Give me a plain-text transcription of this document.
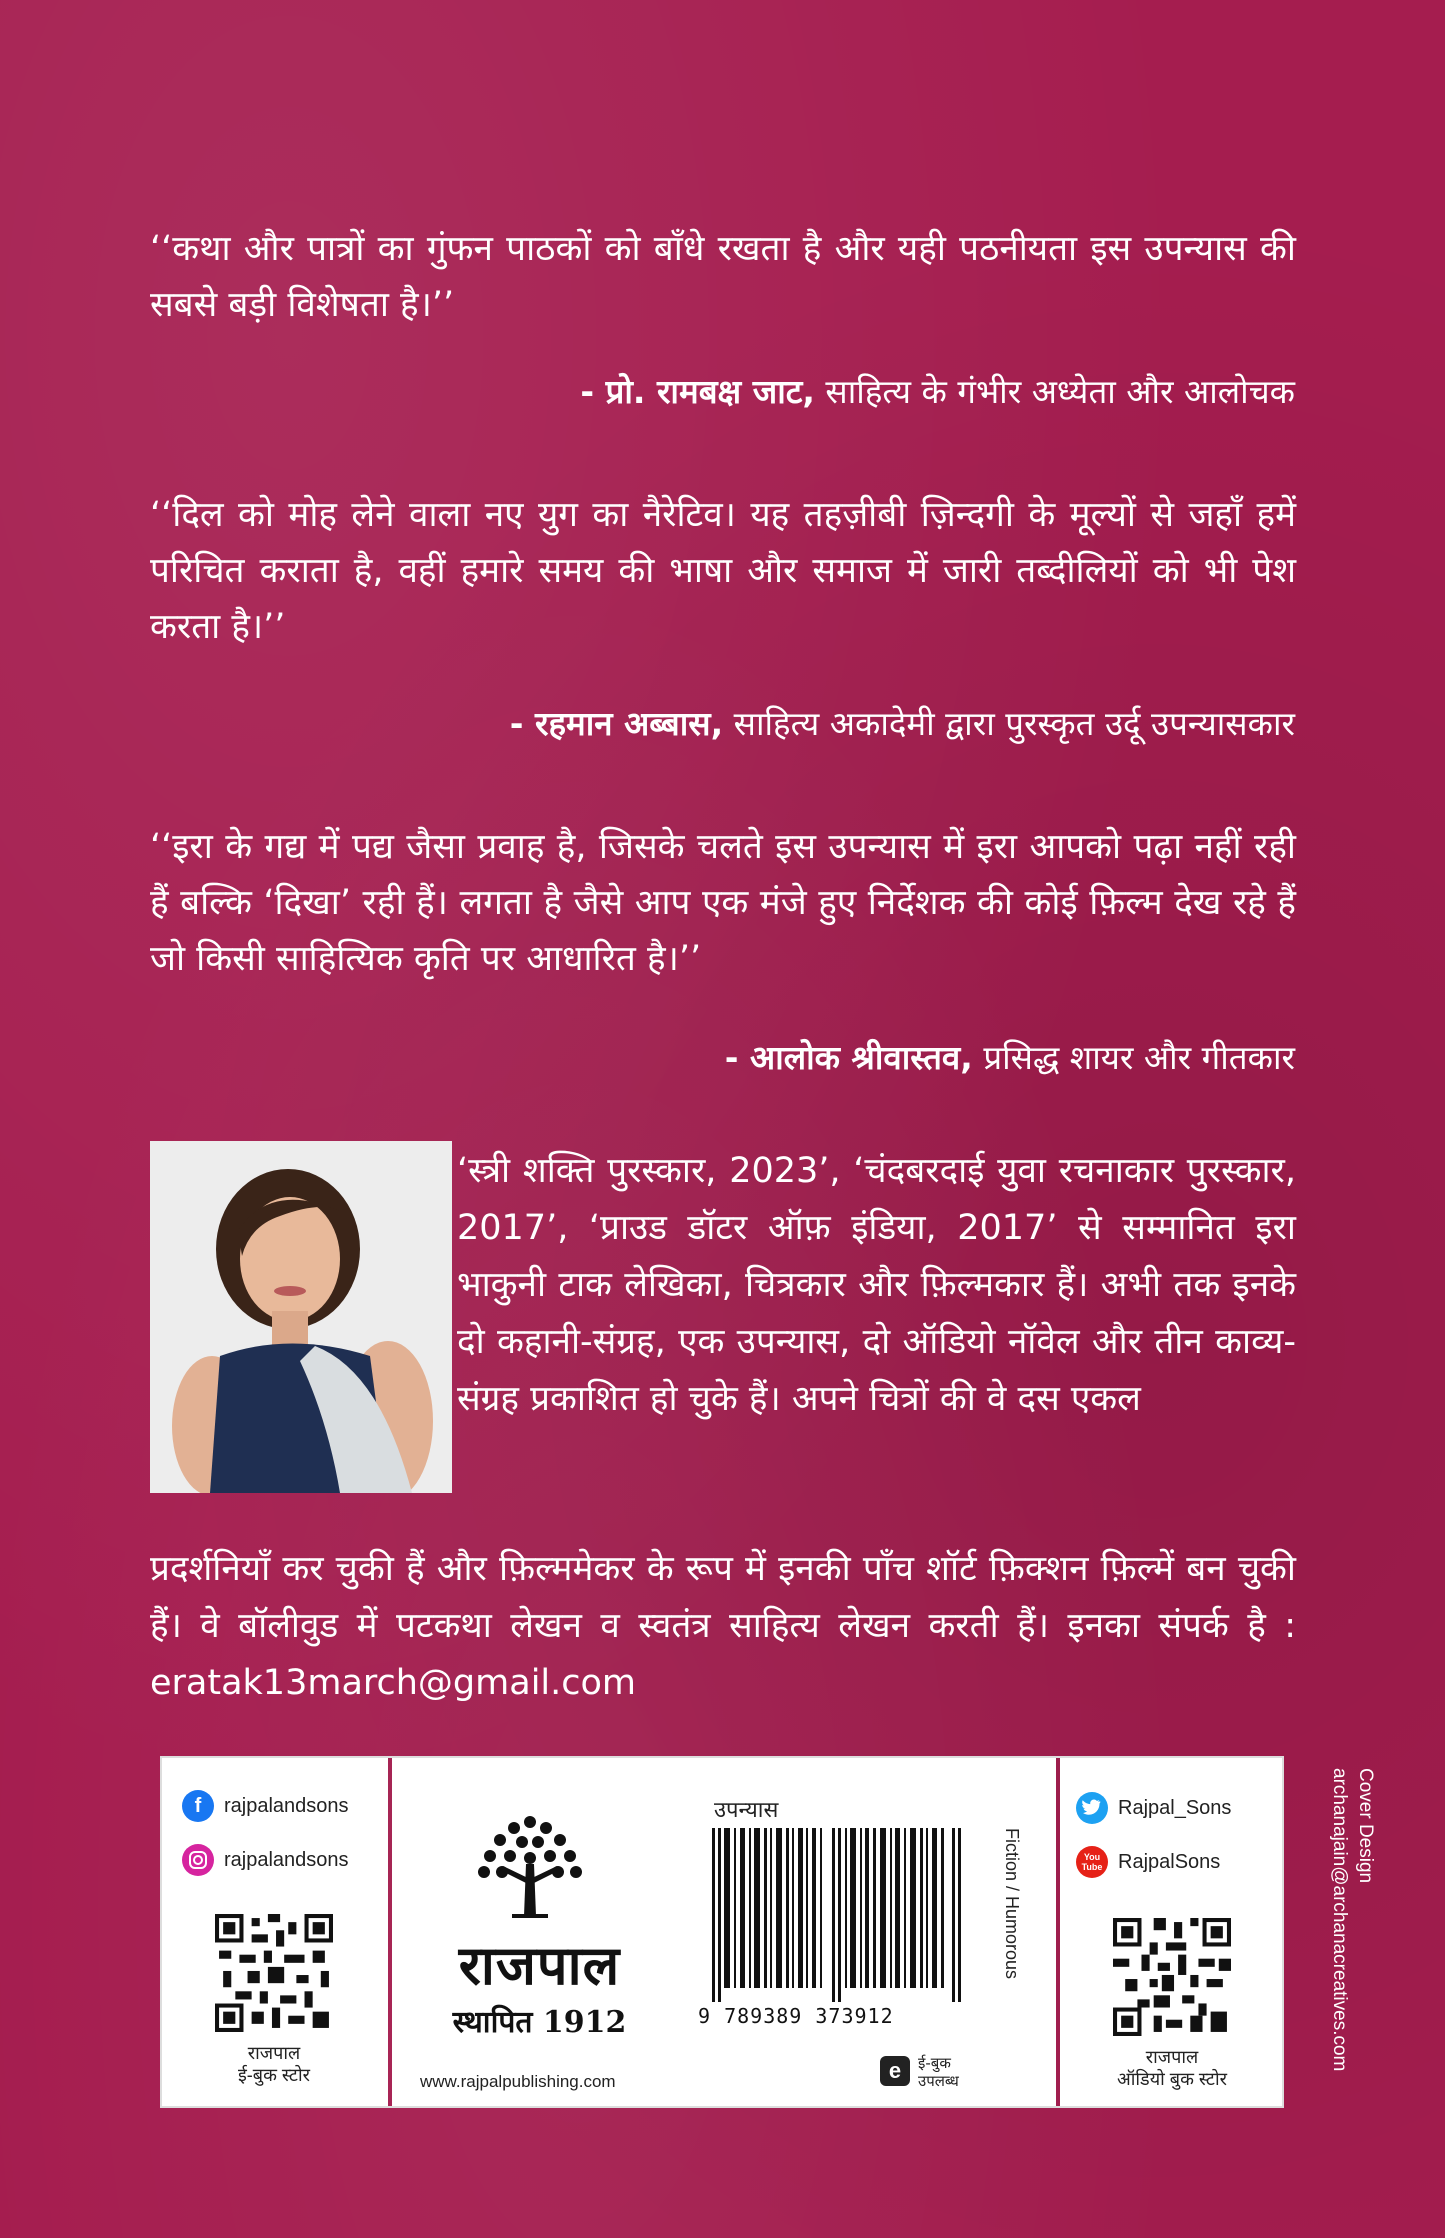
‘‘कथा और पात्रों का गुंफन पाठकों को बाँधे रखता है और यही पठनीयता इस उपन्यास की सबसे बड़ी विशेषता है।’’
- प्रो. रामबक्ष जाट, साहित्य के गंभीर अध्येता और आलोचक
‘‘दिल को मोह लेने वाला नए युग का नैरेटिव। यह तहज़ीबी ज़िन्दगी के मूल्यों से जहाँ हमें परिचित कराता है, वहीं हमारे समय की भाषा और समाज में जारी तब्दीलियों को भी पेश करता है।’’
- रहमान अब्बास, साहित्य अकादेमी द्वारा पुरस्कृत उर्दू उपन्यासकार
‘‘इरा के गद्य में पद्य जैसा प्रवाह है, जिसके चलते इस उपन्यास में इरा आपको पढ़ा नहीं रही हैं बल्कि ‘दिखा’ रही हैं। लगता है जैसे आप एक मंजे हुए निर्देशक की कोई फ़िल्म देख रहे हैं जो किसी साहित्यिक कृति पर आधारित है।’’
- आलोक श्रीवास्तव, प्रसिद्ध शायर और गीतकार
‘स्त्री शक्ति पुरस्कार, 2023’, ‘चंदबरदाई युवा रचनाकार पुरस्कार, 2017’, ‘प्राउड डॉटर ऑफ़ इंडिया, 2017’ से सम्मानित इरा भाकुनी टाक लेखिका, चित्रकार और फ़िल्मकार हैं। अभी तक इनके दो कहानी-संग्रह, एक उपन्यास, दो ऑडियो नॉवेल और तीन काव्य-संग्रह प्रकाशित हो चुके हैं। अपने चित्रों की वे दस एकल
प्रदर्शनियाँ कर चुकी हैं और फ़िल्ममेकर के रूप में इनकी पाँच शॉर्ट फ़िक्शन फ़िल्में बन चुकी हैं। वे बॉलीवुड में पटकथा लेखन व स्वतंत्र साहित्य लेखन करती हैं। इनका संपर्क है : eratak13march@gmail.com
f	rajpalandsons
rajpalandsons
राजपाल
ई-बुक स्टोर
राजपाल
स्थापित 1912
www.rajpalpublishing.com
उपन्यास
9 789389 373912
Fiction / Humorous
e	ई-बुक
उपलब्ध
Rajpal_Sons
You Tube RajpalSons
राजपाल
ऑडियो बुक स्टोर
Cover Design
archanajain@archanacreatives.com
